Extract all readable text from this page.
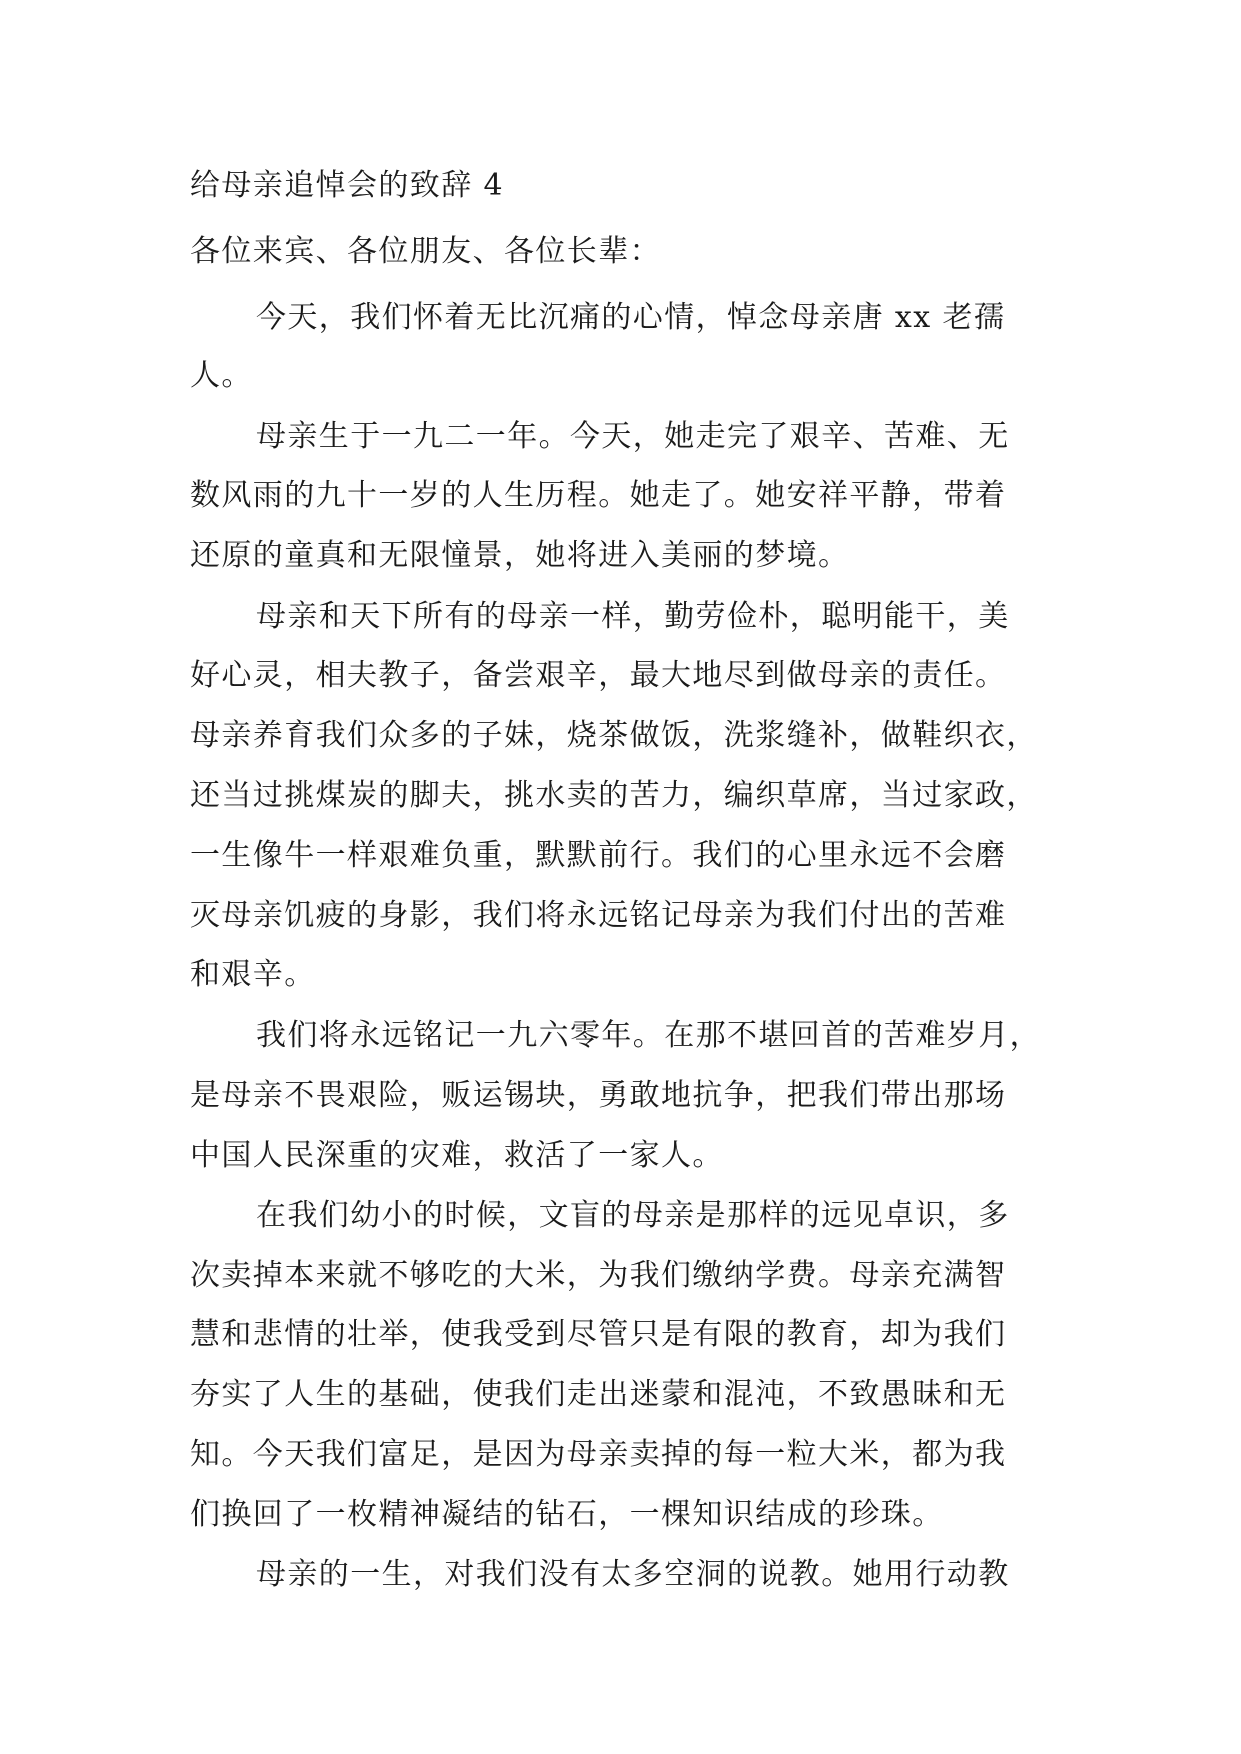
给母亲追悼会的致辞 4
各位来宾、各位朋友、各位长辈：
今天，我们怀着无比沉痛的心情，悼念母亲唐 xx 老孺
人。
母亲生于一九二一年。今天，她走完了艰辛、苦难、无
数风雨的九十一岁的人生历程。她走了。她安祥平静，带着
还原的童真和无限憧景，她将进入美丽的梦境。
母亲和天下所有的母亲一样，勤劳俭朴，聪明能干，美
好心灵，相夫教子，备尝艰辛，最大地尽到做母亲的责任。
母亲养育我们众多的子妹，烧茶做饭，洗浆缝补，做鞋织衣，
还当过挑煤炭的脚夫，挑水卖的苦力，编织草席，当过家政，
一生像牛一样艰难负重，默默前行。我们的心里永远不会磨
灭母亲饥疲的身影，我们将永远铭记母亲为我们付出的苦难
和艰辛。
我们将永远铭记一九六零年。在那不堪回首的苦难岁月，
是母亲不畏艰险，贩运锡块，勇敢地抗争，把我们带出那场
中国人民深重的灾难，救活了一家人。
在我们幼小的时候，文盲的母亲是那样的远见卓识，多
次卖掉本来就不够吃的大米，为我们缴纳学费。母亲充满智
慧和悲情的壮举，使我受到尽管只是有限的教育，却为我们
夯实了人生的基础，使我们走出迷蒙和混沌，不致愚昧和无
知。今天我们富足，是因为母亲卖掉的每一粒大米，都为我
们换回了一枚精神凝结的钻石，一棵知识结成的珍珠。
母亲的一生，对我们没有太多空洞的说教。她用行动教
